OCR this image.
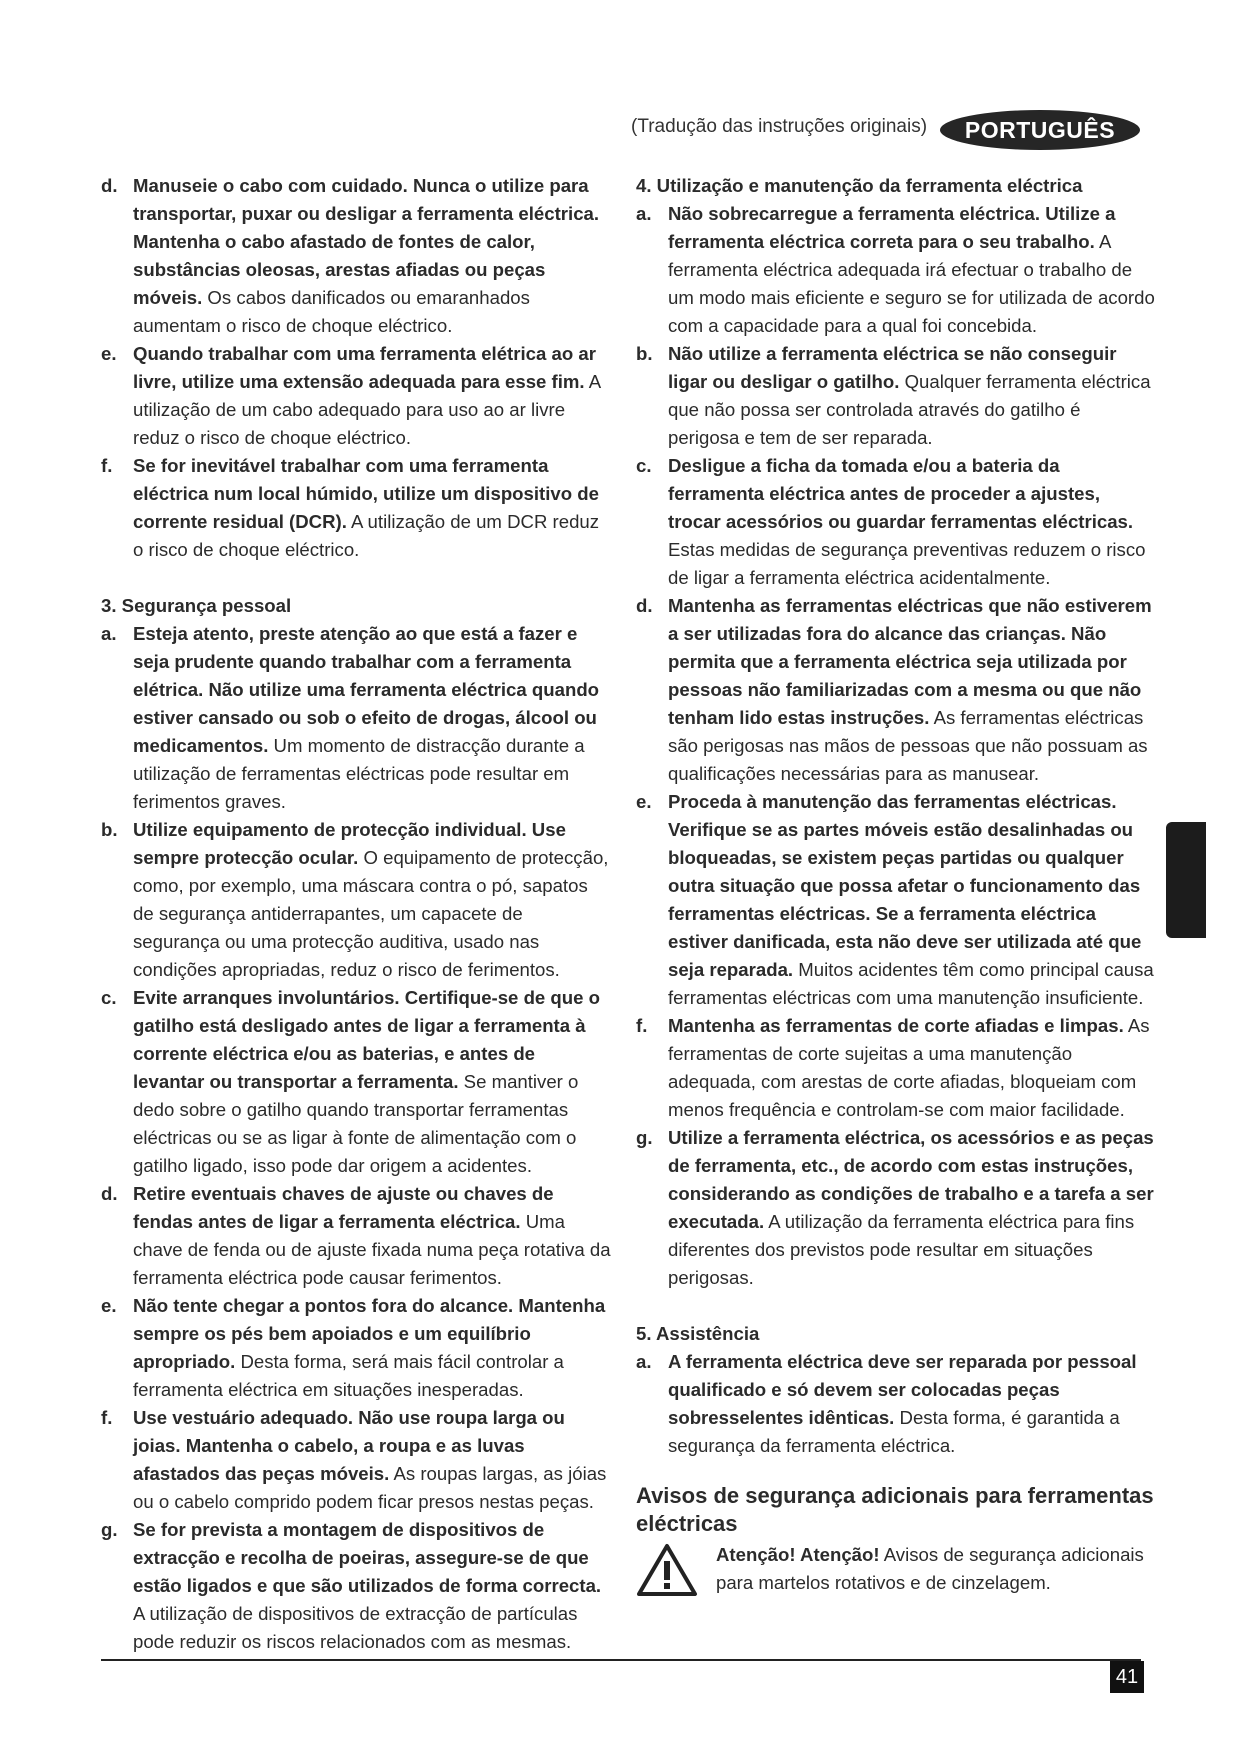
(Tradução das instruções originais)	PORTUGUÊS

d. Manuseie o cabo com cuidado. Nunca o utilize para transportar, puxar ou desligar a ferramenta eléctrica. Mantenha o cabo afastado de fontes de calor, substâncias oleosas, arestas afiadas ou peças móveis. Os cabos danificados ou emaranhados aumentam o risco de choque eléctrico.

e. Quando trabalhar com uma ferramenta elétrica ao ar livre, utilize uma extensão adequada para esse fim. A utilização de um cabo adequado para uso ao ar livre reduz o risco de choque eléctrico.

f. Se for inevitável trabalhar com uma ferramenta eléctrica num local húmido, utilize um dispositivo de corrente residual (DCR). A utilização de um DCR reduz o risco de choque eléctrico.

3. Segurança pessoal

a. Esteja atento, preste atenção ao que está a fazer e seja prudente quando trabalhar com a ferramenta elétrica. Não utilize uma ferramenta eléctrica quando estiver cansado ou sob o efeito de drogas, álcool ou medicamentos. Um momento de distracção durante a utilização de ferramentas eléctricas pode resultar em ferimentos graves.

b. Utilize equipamento de protecção individual. Use sempre protecção ocular. O equipamento de protecção, como, por exemplo, uma máscara contra o pó, sapatos de segurança antiderrapantes, um capacete de segurança ou uma protecção auditiva, usado nas condições apropriadas, reduz o risco de ferimentos.

c. Evite arranques involuntários. Certifique-se de que o gatilho está desligado antes de ligar a ferramenta à corrente eléctrica e/ou as baterias, e antes de levantar ou transportar a ferramenta. Se mantiver o dedo sobre o gatilho quando transportar ferramentas eléctricas ou se as ligar à fonte de alimentação com o gatilho ligado, isso pode dar origem a acidentes.

d. Retire eventuais chaves de ajuste ou chaves de fendas antes de ligar a ferramenta eléctrica. Uma chave de fenda ou de ajuste fixada numa peça rotativa da ferramenta eléctrica pode causar ferimentos.

e. Não tente chegar a pontos fora do alcance. Mantenha sempre os pés bem apoiados e um equilíbrio apropriado. Desta forma, será mais fácil controlar a ferramenta eléctrica em situações inesperadas.

f. Use vestuário adequado. Não use roupa larga ou joias. Mantenha o cabelo, a roupa e as luvas afastados das peças móveis. As roupas largas, as jóias ou o cabelo comprido podem ficar presos nestas peças.

g. Se for prevista a montagem de dispositivos de extracção e recolha de poeiras, assegure-se de que estão ligados e que são utilizados de forma correcta. A utilização de dispositivos de extracção de partículas pode reduzir os riscos relacionados com as mesmas.

4. Utilização e manutenção da ferramenta eléctrica

a. Não sobrecarregue a ferramenta eléctrica. Utilize a ferramenta eléctrica correta para o seu trabalho. A ferramenta eléctrica adequada irá efectuar o trabalho de um modo mais eficiente e seguro se for utilizada de acordo com a capacidade para a qual foi concebida.

b. Não utilize a ferramenta eléctrica se não conseguir ligar ou desligar o gatilho. Qualquer ferramenta eléctrica que não possa ser controlada através do gatilho é perigosa e tem de ser reparada.

c. Desligue a ficha da tomada e/ou a bateria da ferramenta eléctrica antes de proceder a ajustes, trocar acessórios ou guardar ferramentas eléctricas. Estas medidas de segurança preventivas reduzem o risco de ligar a ferramenta eléctrica acidentalmente.

d. Mantenha as ferramentas eléctricas que não estiverem a ser utilizadas fora do alcance das crianças. Não permita que a ferramenta eléctrica seja utilizada por pessoas não familiarizadas com a mesma ou que não tenham lido estas instruções. As ferramentas eléctricas são perigosas nas mãos de pessoas que não possuam as qualificações necessárias para as manusear.

e. Proceda à manutenção das ferramentas eléctricas. Verifique se as partes móveis estão desalinhadas ou bloqueadas, se existem peças partidas ou qualquer outra situação que possa afetar o funcionamento das ferramentas eléctricas. Se a ferramenta eléctrica estiver danificada, esta não deve ser utilizada até que seja reparada. Muitos acidentes têm como principal causa ferramentas eléctricas com uma manutenção insuficiente.

f. Mantenha as ferramentas de corte afiadas e limpas. As ferramentas de corte sujeitas a uma manutenção adequada, com arestas de corte afiadas, bloqueiam com menos frequência e controlam-se com maior facilidade.

g. Utilize a ferramenta eléctrica, os acessórios e as peças de ferramenta, etc., de acordo com estas instruções, considerando as condições de trabalho e a tarefa a ser executada. A utilização da ferramenta eléctrica para fins diferentes dos previstos pode resultar em situações perigosas.

5. Assistência

a. A ferramenta eléctrica deve ser reparada por pessoal qualificado e só devem ser colocadas peças sobresselentes idênticas. Desta forma, é garantida a segurança da ferramenta eléctrica.

Avisos de segurança adicionais para ferramentas eléctricas
Atenção! Atenção! Avisos de segurança adicionais para martelos rotativos e de cinzelagem.
41
